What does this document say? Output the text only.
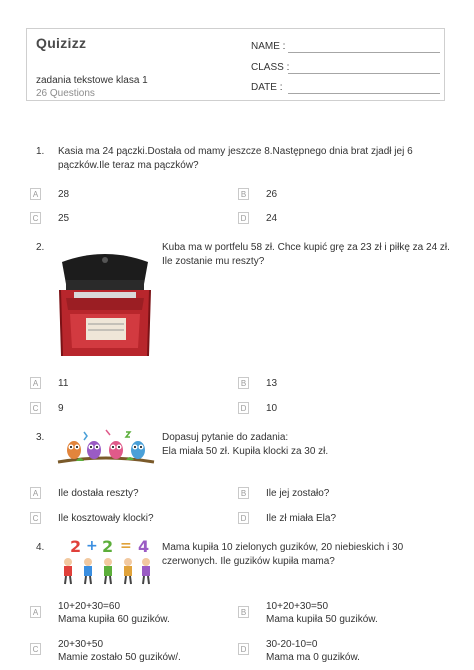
Quizizz
zadania tekstowe klasa 1
26 Questions
NAME :
CLASS :
DATE :
1. Kasia ma 24 pączki.Dostała od mamy jeszcze 8.Następnego dnia brat zjadł jej 6
pączków.Ile teraz ma pączków?
A 28	B 26
C 25	D 24
2.	Kuba ma w portfelu 58 zł. Chce kupić grę za 23 zł i piłkę za 24 zł.
Ile zostanie mu reszty?
A 11	B 13
C 9	D 10
3.	Dopasuj pytanie do zadania:
Ela miała 50 zł. Kupiła klocki za 30 zł.
A Ile dostała reszty?	B Ile jej zostało?
C Ile kosztowały klocki?	D Ile zł miała Ela?
4. 2 + 2 = 4 Mama kupiła 10 zielonych guzików, 20 niebieskich i 30
czerwonych. Ile guzików kupiła mama?
A
10+20+30=60
Mama kupiła 60 guzików.
B
10+20+30=50
Mama kupiła 50 guzików.
C 20+30+50
Mamie zostało 50 guzików/.
D 30-20-10=0
Mama ma 0 guzików.
